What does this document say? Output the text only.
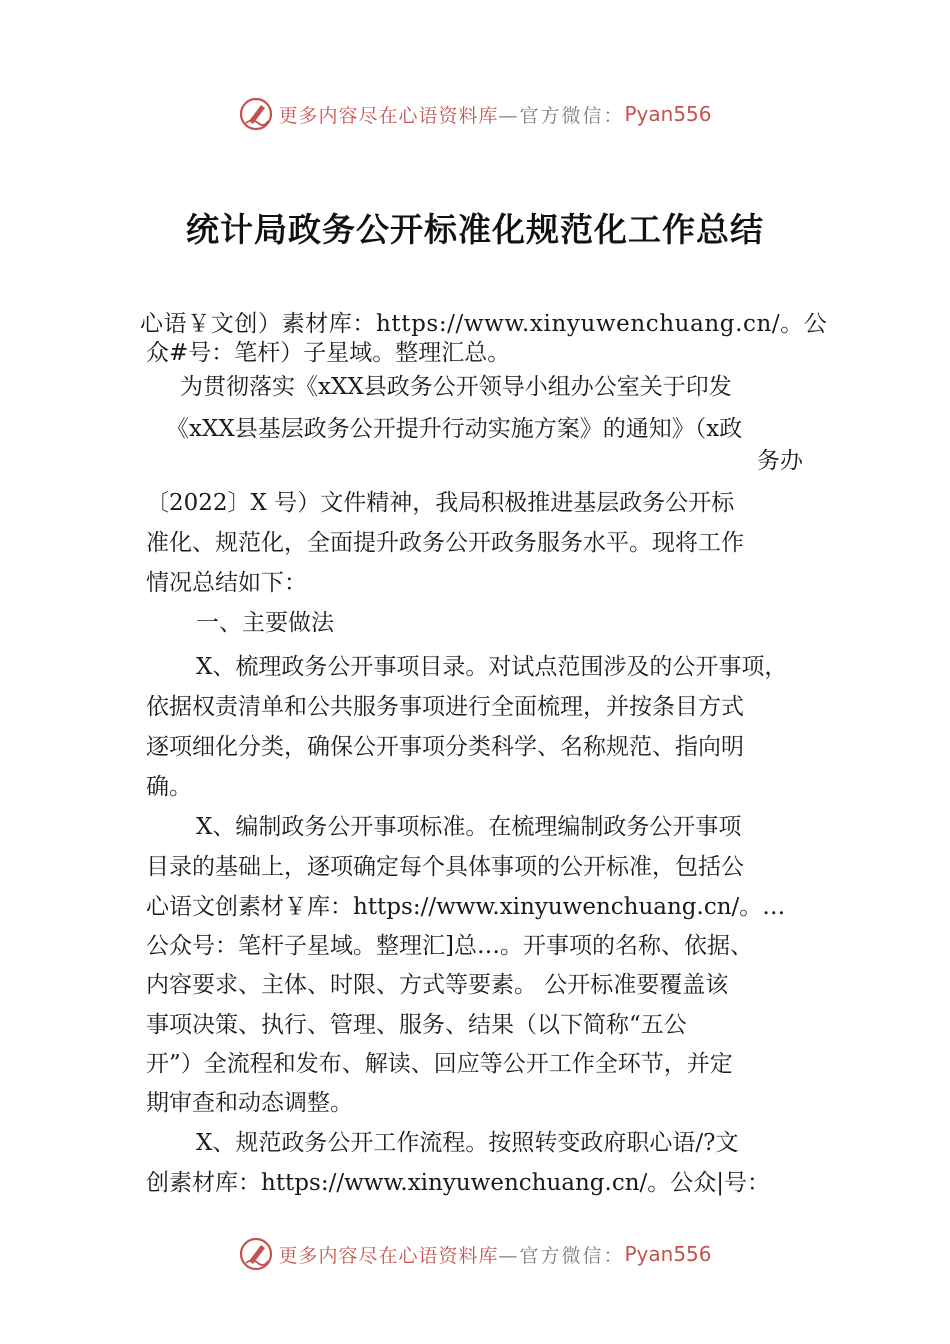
更多内容尽在心语资料库 —官方微信： Pyan556
统计局政务公开标准化规范化工作总结
心语￥文创）素材库：https://www.xinyuwenchuang.cn/。公
众#号：笔杆）子星域。整理汇总。
为贯彻落实《xXX县政务公开领导小组办公室关于印发
《xXX县基层政务公开提升行动实施方案》的通知》（x政
务办
〔2022〕X 号）文件精神，我局积极推进基层政务公开标
准化、规范化，全面提升政务公开政务服务水平。现将工作
情况总结如下：
一、主要做法
X、梳理政务公开事项目录。对试点范围涉及的公开事项，
依据权责清单和公共服务事项进行全面梳理，并按条目方式
逐项细化分类，确保公开事项分类科学、名称规范、指向明
确。
X、编制政务公开事项标准。在梳理编制政务公开事项
目录的基础上，逐项确定每个具体事项的公开标准，包括公
心语文创素材￥库：https://www.xinyuwenchuang.cn/。…
公众号：笔杆子星域。整理汇]总…。开事项的名称、依据、
内容要求、主体、时限、方式等要素。 公开标准要覆盖该
事项决策、执行、管理、服务、结果（以下简称“五公
开”）全流程和发布、解读、回应等公开工作全环节，并定
期审查和动态调整。
X、规范政务公开工作流程。按照转变政府职心语/?文
创素材库：https://www.xinyuwenchuang.cn/。公众|号：
更多内容尽在心语资料库 —官方微信： Pyan556
